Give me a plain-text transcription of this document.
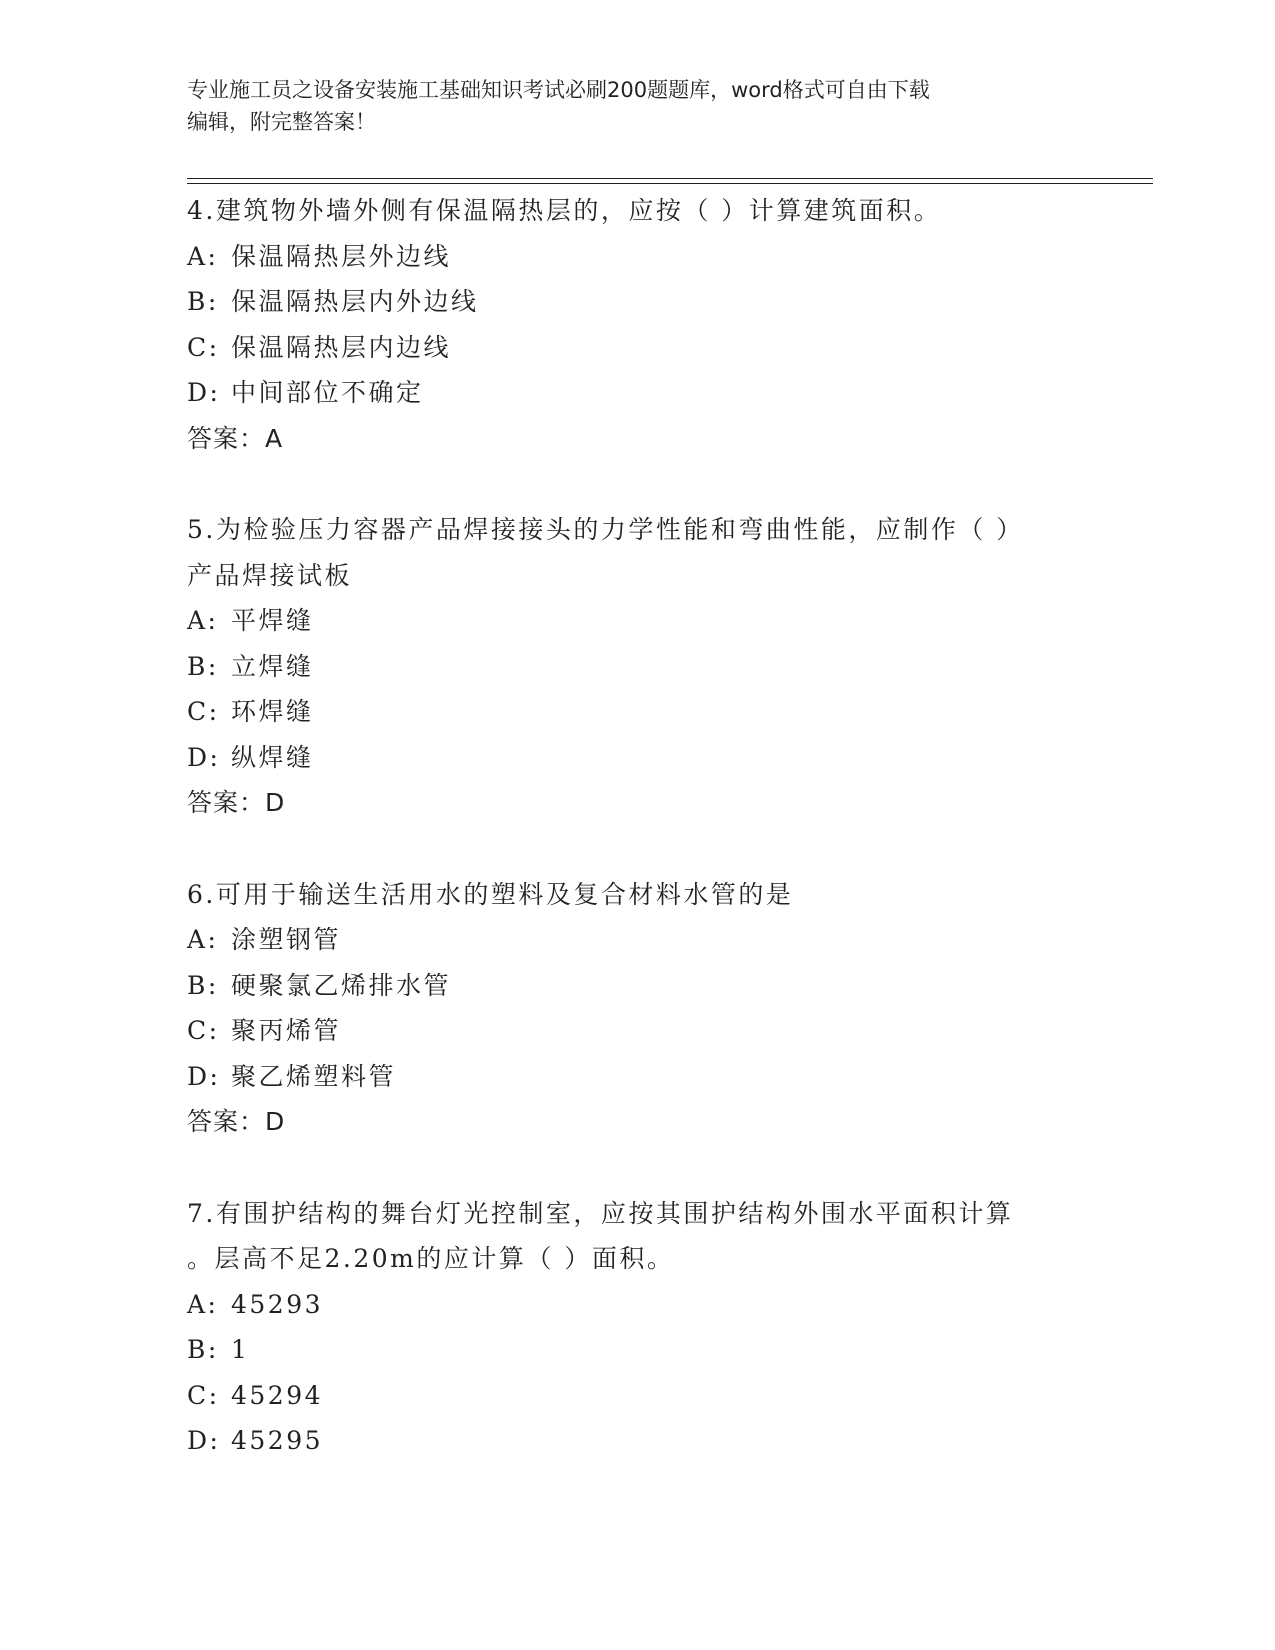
专业施工员之设备安装施工基础知识考试必刷200题题库，word格式可自由下载
编辑，附完整答案！
4.建筑物外墙外侧有保温隔热层的，应按（ ）计算建筑面积。
A: 保温隔热层外边线
B: 保温隔热层内外边线
C: 保温隔热层内边线
D: 中间部位不确定
答案：A
5.为检验压力容器产品焊接接头的力学性能和弯曲性能，应制作（ ）
产品焊接试板
A: 平焊缝
B: 立焊缝
C: 环焊缝
D: 纵焊缝
答案：D
6.可用于输送生活用水的塑料及复合材料水管的是
A: 涂塑钢管
B: 硬聚氯乙烯排水管
C: 聚丙烯管
D: 聚乙烯塑料管
答案：D
7.有围护结构的舞台灯光控制室，应按其围护结构外围水平面积计算
。层高不足2.20m的应计算（ ）面积。
A: 45293
B: 1
C: 45294
D: 45295
